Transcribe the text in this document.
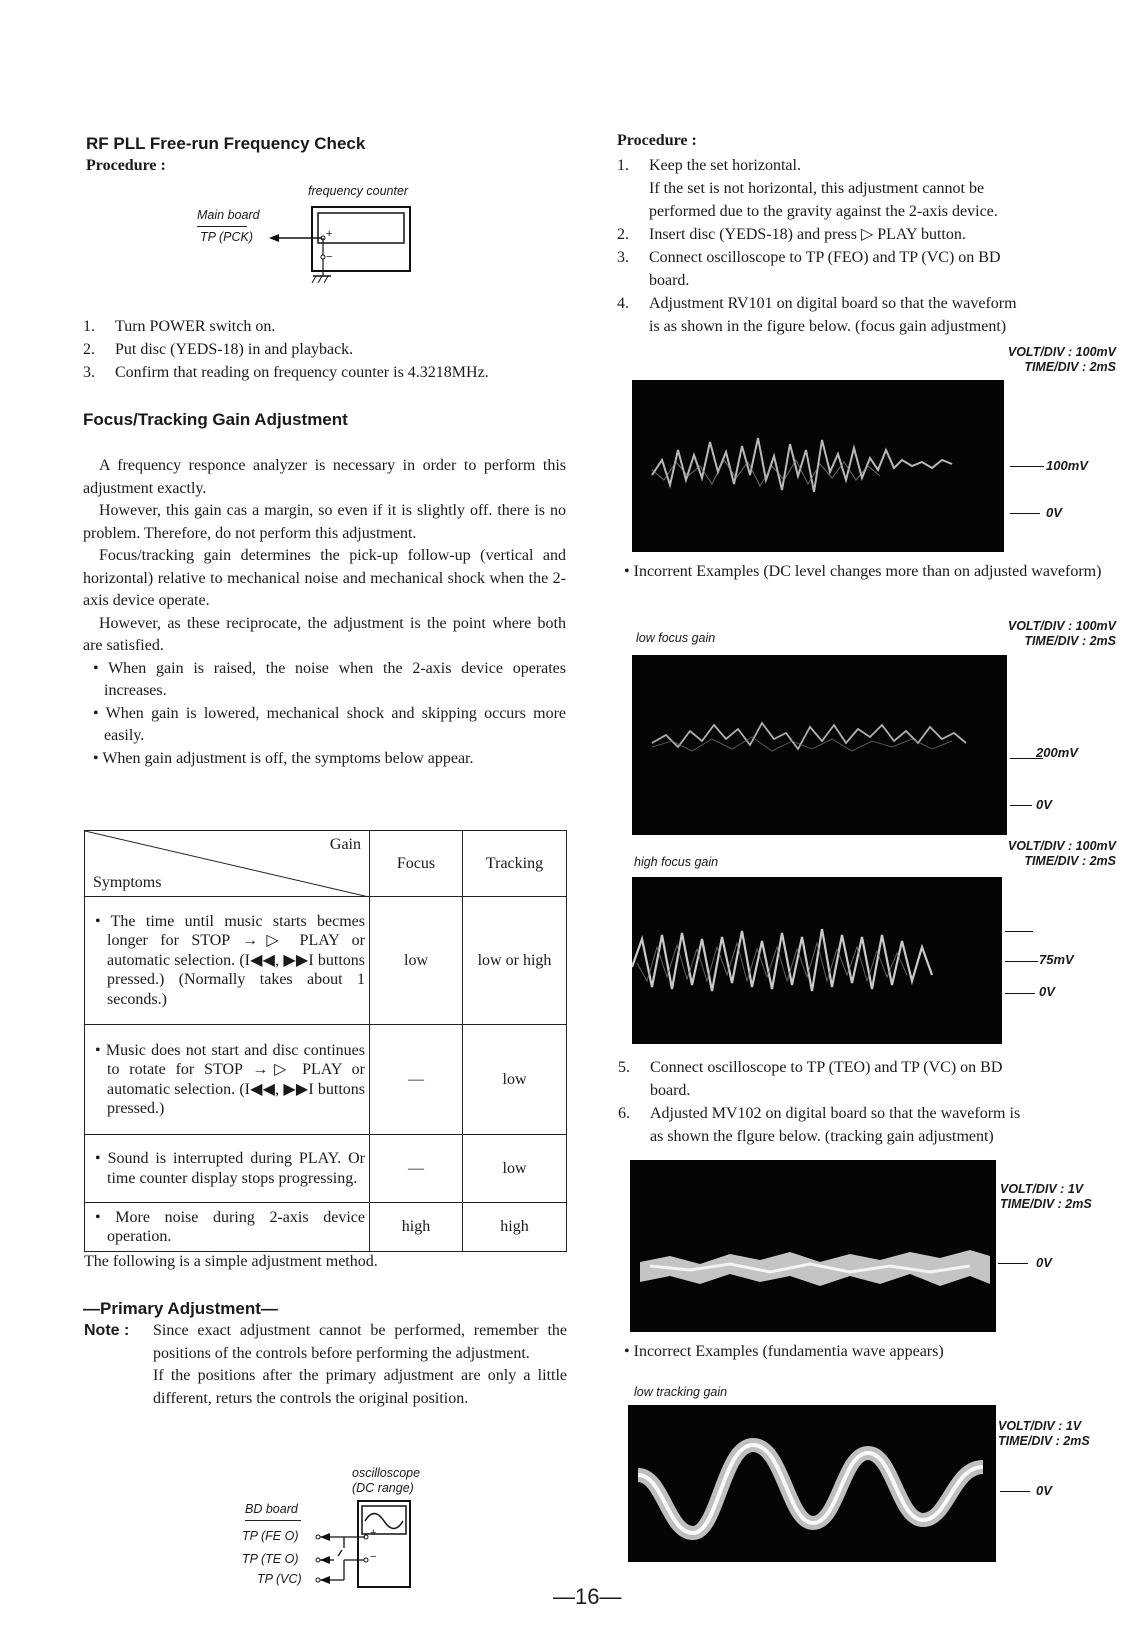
RF PLL Free-run Frequency Check
Procedure :
frequency counter
Main board
TP (PCK)	+
−
1. Turn POWER switch on.
2. Put disc (YEDS-18) in and playback.
3. Confirm that reading on frequency counter is 4.3218MHz.
Focus/Tracking Gain Adjustment
A frequency responce analyzer is necessary in order to perform this adjustment exactly.
However, this gain cas a margin, so even if it is slightly off. there is no problem. Therefore, do not perform this adjustment.
Focus/tracking gain determines the pick-up follow-up (vertical and horizontal) relative to mechanical noise and mechanical shock when the 2-axis device operate.
However, as these reciprocate, the adjustment is the point where both are satisfied.
• When gain is raised, the noise when the 2-axis device operates increases.
• When gain is lowered, mechanical shock and skipping occurs more easily.
• When gain adjustment is off, the symptoms below appear.
Gain
Symptoms	Focus	Tracking
• The time until music starts becmes longer for STOP →▷ PLAY or automatic selection. (I◀◀, ▶▶I buttons pressed.) (Normally takes about 1 seconds.)	low	low or high
• Music does not start and disc continues to rotate for STOP →▷ PLAY or automatic selection. (I◀◀, ▶▶I buttons pressed.)	—	low
• Sound is interrupted during PLAY. Or time counter display stops progressing.	—	low
• More noise during 2-axis device operation.	high	high
The following is a simple adjustment method.
—Primary Adjustment—
Note : Since exact adjustment cannot be performed, remember the positions of the controls before performing the adjustment.
If the positions after the primary adjustment are only a little different, returs the controls the original position.
oscilloscope
(DC range)
BD board
TP (FE O)
TP (TE O)
TP (VC)
+
−
Procedure :
1. Keep the set horizontal.
If the set is not horizontal, this adjustment cannot be
performed due to the gravity against the 2-axis device.
2. Insert disc (YEDS-18) and press ▷ PLAY button.
3. Connect oscilloscope to TP (FEO) and TP (VC) on BD
board.
4. Adjustment RV101 on digital board so that the waveform
is as shown in the figure below. (focus gain adjustment)
VOLT/DIV : 100mV
TIME/DIV : 2mS
100mV
0V
• Incorrent Examples (DC level changes more than on adjusted waveform)
low focus gain
VOLT/DIV : 100mV
TIME/DIV : 2mS
200mV
0V
high focus gain
VOLT/DIV : 100mV
TIME/DIV : 2mS
75mV
0V
5. Connect oscilloscope to TP (TEO) and TP (VC) on BD
board.
6. Adjusted MV102 on digital board so that the waveform is
as shown the flgure below. (tracking gain adjustment)
VOLT/DIV : 1V
TIME/DIV : 2mS
0V
• Incorrect Examples (fundamentia wave appears)
low tracking gain
VOLT/DIV : 1V
TIME/DIV : 2mS
0V
—16—
